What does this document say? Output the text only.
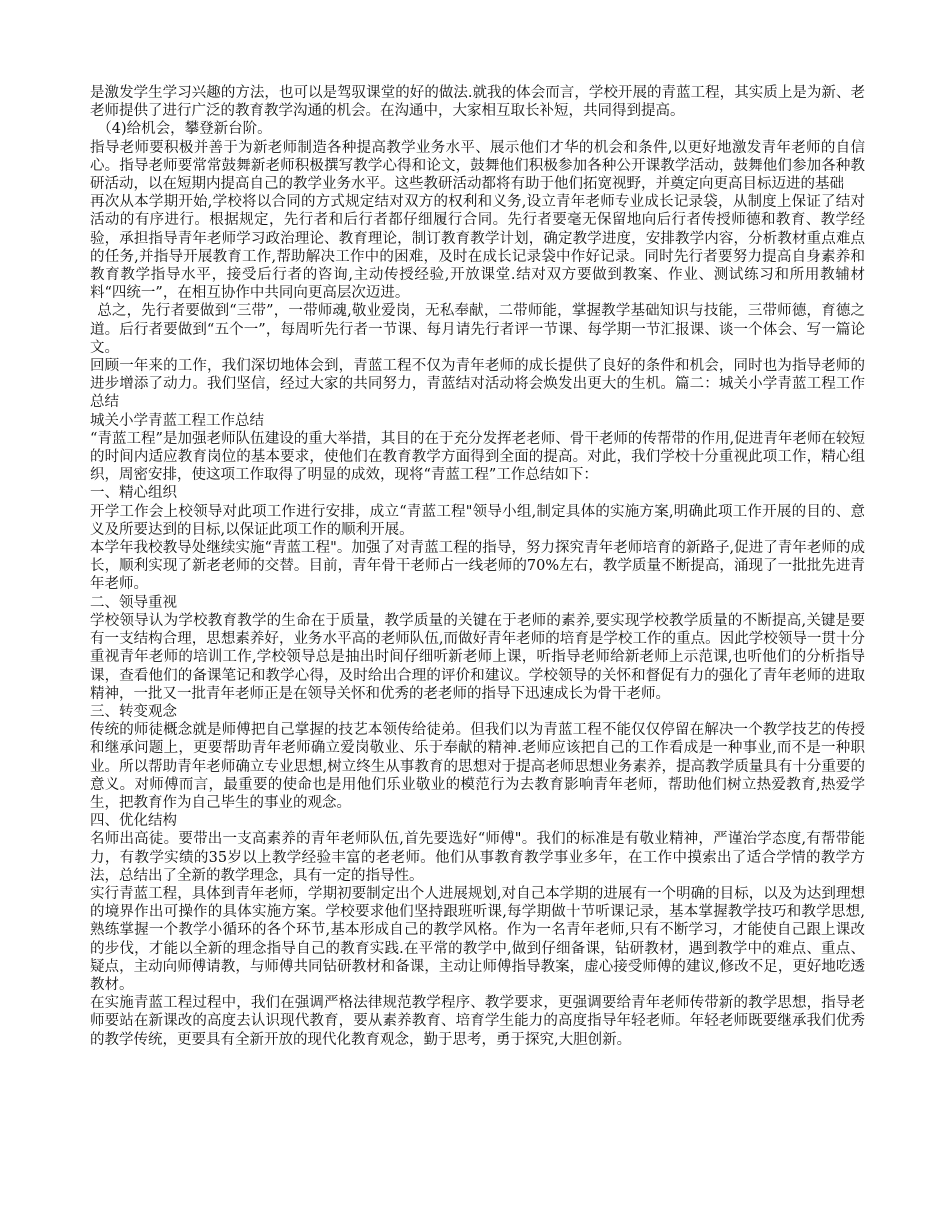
是激发学生学习兴趣的方法，也可以是驾驭课堂的好的做法.就我的体会而言，学校开展的青蓝工程，其实质上是为新、老老师提供了进行广泛的教育教学沟通的机会。在沟通中，大家相互取长补短，共同得到提高。

（4)给机会，攀登新台阶。

指导老师要积极并善于为新老师制造各种提高教学业务水平、展示他们才华的机会和条件,以更好地激发青年老师的自信心。指导老师要常常鼓舞新老师积极撰写教学心得和论文，鼓舞他们积极参加各种公开课教学活动，鼓舞他们参加各种教研活动，以在短期内提高自己的教学业务水平。这些教研活动都将有助于他们拓宽视野，并奠定向更高目标迈进的基础

再次从本学期开始,学校将以合同的方式规定结对双方的权利和义务,设立青年老师专业成长记录袋，从制度上保证了结对活动的有序进行。根据规定，先行者和后行者都仔细履行合同。先行者要毫无保留地向后行者传授师德和教育、教学经验，承担指导青年老师学习政治理论、教育理论，制订教育教学计划，确定教学进度，安排教学内容，分析教材重点难点的任务,并指导开展教育工作,帮助解决工作中的困难，及时在成长记录袋中作好记录。同时先行者要努力提高自身素养和教育教学指导水平，接受后行者的咨询,主动传授经验,开放课堂.结对双方要做到教案、作业、测试练习和所用教辅材料“四统一”，在相互协作中共同向更高层次迈进。

总之，先行者要做到“三带”，一带师魂,敬业爱岗，无私奉献，二带师能，掌握教学基础知识与技能，三带师德，育德之道。后行者要做到“五个一”，每周听先行者一节课、每月请先行者评一节课、每学期一节汇报课、谈一个体会、写一篇论文。

回顾一年来的工作，我们深切地体会到，青蓝工程不仅为青年老师的成长提供了良好的条件和机会，同时也为指导老师的进步增添了动力。我们坚信，经过大家的共同努力，青蓝结对活动将会焕发出更大的生机。篇二：城关小学青蓝工程工作总结

城关小学青蓝工程工作总结

“青蓝工程”是加强老师队伍建设的重大举措，其目的在于充分发挥老老师、骨干老师的传帮带的作用,促进青年老师在较短的时间内适应教育岗位的基本要求，使他们在教育教学方面得到全面的提高。对此，我们学校十分重视此项工作，精心组织，周密安排，使这项工作取得了明显的成效，现将“青蓝工程”工作总结如下：

一、精心组织

开学工作会上校领导对此项工作进行安排，成立“青蓝工程"领导小组,制定具体的实施方案,明确此项工作开展的目的、意义及所要达到的目标,以保证此项工作的顺利开展。

本学年我校教导处继续实施“青蓝工程"。加强了对青蓝工程的指导，努力探究青年老师培育的新路子,促进了青年老师的成长，顺利实现了新老老师的交替。目前，青年骨干老师占一线老师的70%左右，教学质量不断提高，涌现了一批批先进青年老师。

二、领导重视

学校领导认为学校教育教学的生命在于质量，教学质量的关键在于老师的素养,要实现学校教学质量的不断提高,关键是要有一支结构合理，思想素养好，业务水平高的老师队伍,而做好青年老师的培育是学校工作的重点。因此学校领导一贯十分重视青年老师的培训工作,学校领导总是抽出时间仔细听新老师上课，听指导老师给新老师上示范课,也听他们的分析指导课，查看他们的备课笔记和教学心得，及时给出合理的评价和建议。学校领导的关怀和督促有力的强化了青年老师的进取精神，一批又一批青年老师正是在领导关怀和优秀的老老师的指导下迅速成长为骨干老师。

三、转变观念

传统的师徒概念就是师傅把自己掌握的技艺本领传给徒弟。但我们以为青蓝工程不能仅仅停留在解决一个教学技艺的传授和继承问题上，更要帮助青年老师确立爱岗敬业、乐于奉献的精神.老师应该把自己的工作看成是一种事业,而不是一种职业。所以帮助青年老师确立专业思想,树立终生从事教育的思想对于提高老师思想业务素养，提高教学质量具有十分重要的意义。对师傅而言，最重要的使命也是用他们乐业敬业的模范行为去教育影响青年老师，帮助他们树立热爱教育,热爱学生，把教育作为自己毕生的事业的观念。

四、优化结构

名师出高徒。要带出一支高素养的青年老师队伍,首先要选好“师傅"。我们的标准是有敬业精神，严谨治学态度,有帮带能力，有教学实绩的35岁以上教学经验丰富的老老师。他们从事教育教学事业多年，在工作中摸索出了适合学情的教学方法，总结出了全新的教学理念，具有一定的指导性。

实行青蓝工程，具体到青年老师，学期初要制定出个人进展规划,对自己本学期的进展有一个明确的目标，以及为达到理想的境界作出可操作的具体实施方案。学校要求他们坚持跟班听课,每学期做十节听课记录，基本掌握教学技巧和教学思想,熟练掌握一个教学小循环的各个环节,基本形成自己的教学风格。作为一名青年老师,只有不断学习，才能使自己跟上课改的步伐，才能以全新的理念指导自己的教育实践.在平常的教学中,做到仔细备课，钻研教材，遇到教学中的难点、重点、疑点，主动向师傅请教，与师傅共同钻研教材和备课，主动让师傅指导教案，虚心接受师傅的建议,修改不足，更好地吃透教材。

在实施青蓝工程过程中，我们在强调严格法律规范教学程序、教学要求，更强调要给青年老师传带新的教学思想，指导老师要站在新课改的高度去认识现代教育，要从素养教育、培育学生能力的高度指导年轻老师。年轻老师既要继承我们优秀的教学传统，更要具有全新开放的现代化教育观念，勤于思考，勇于探究,大胆创新。
